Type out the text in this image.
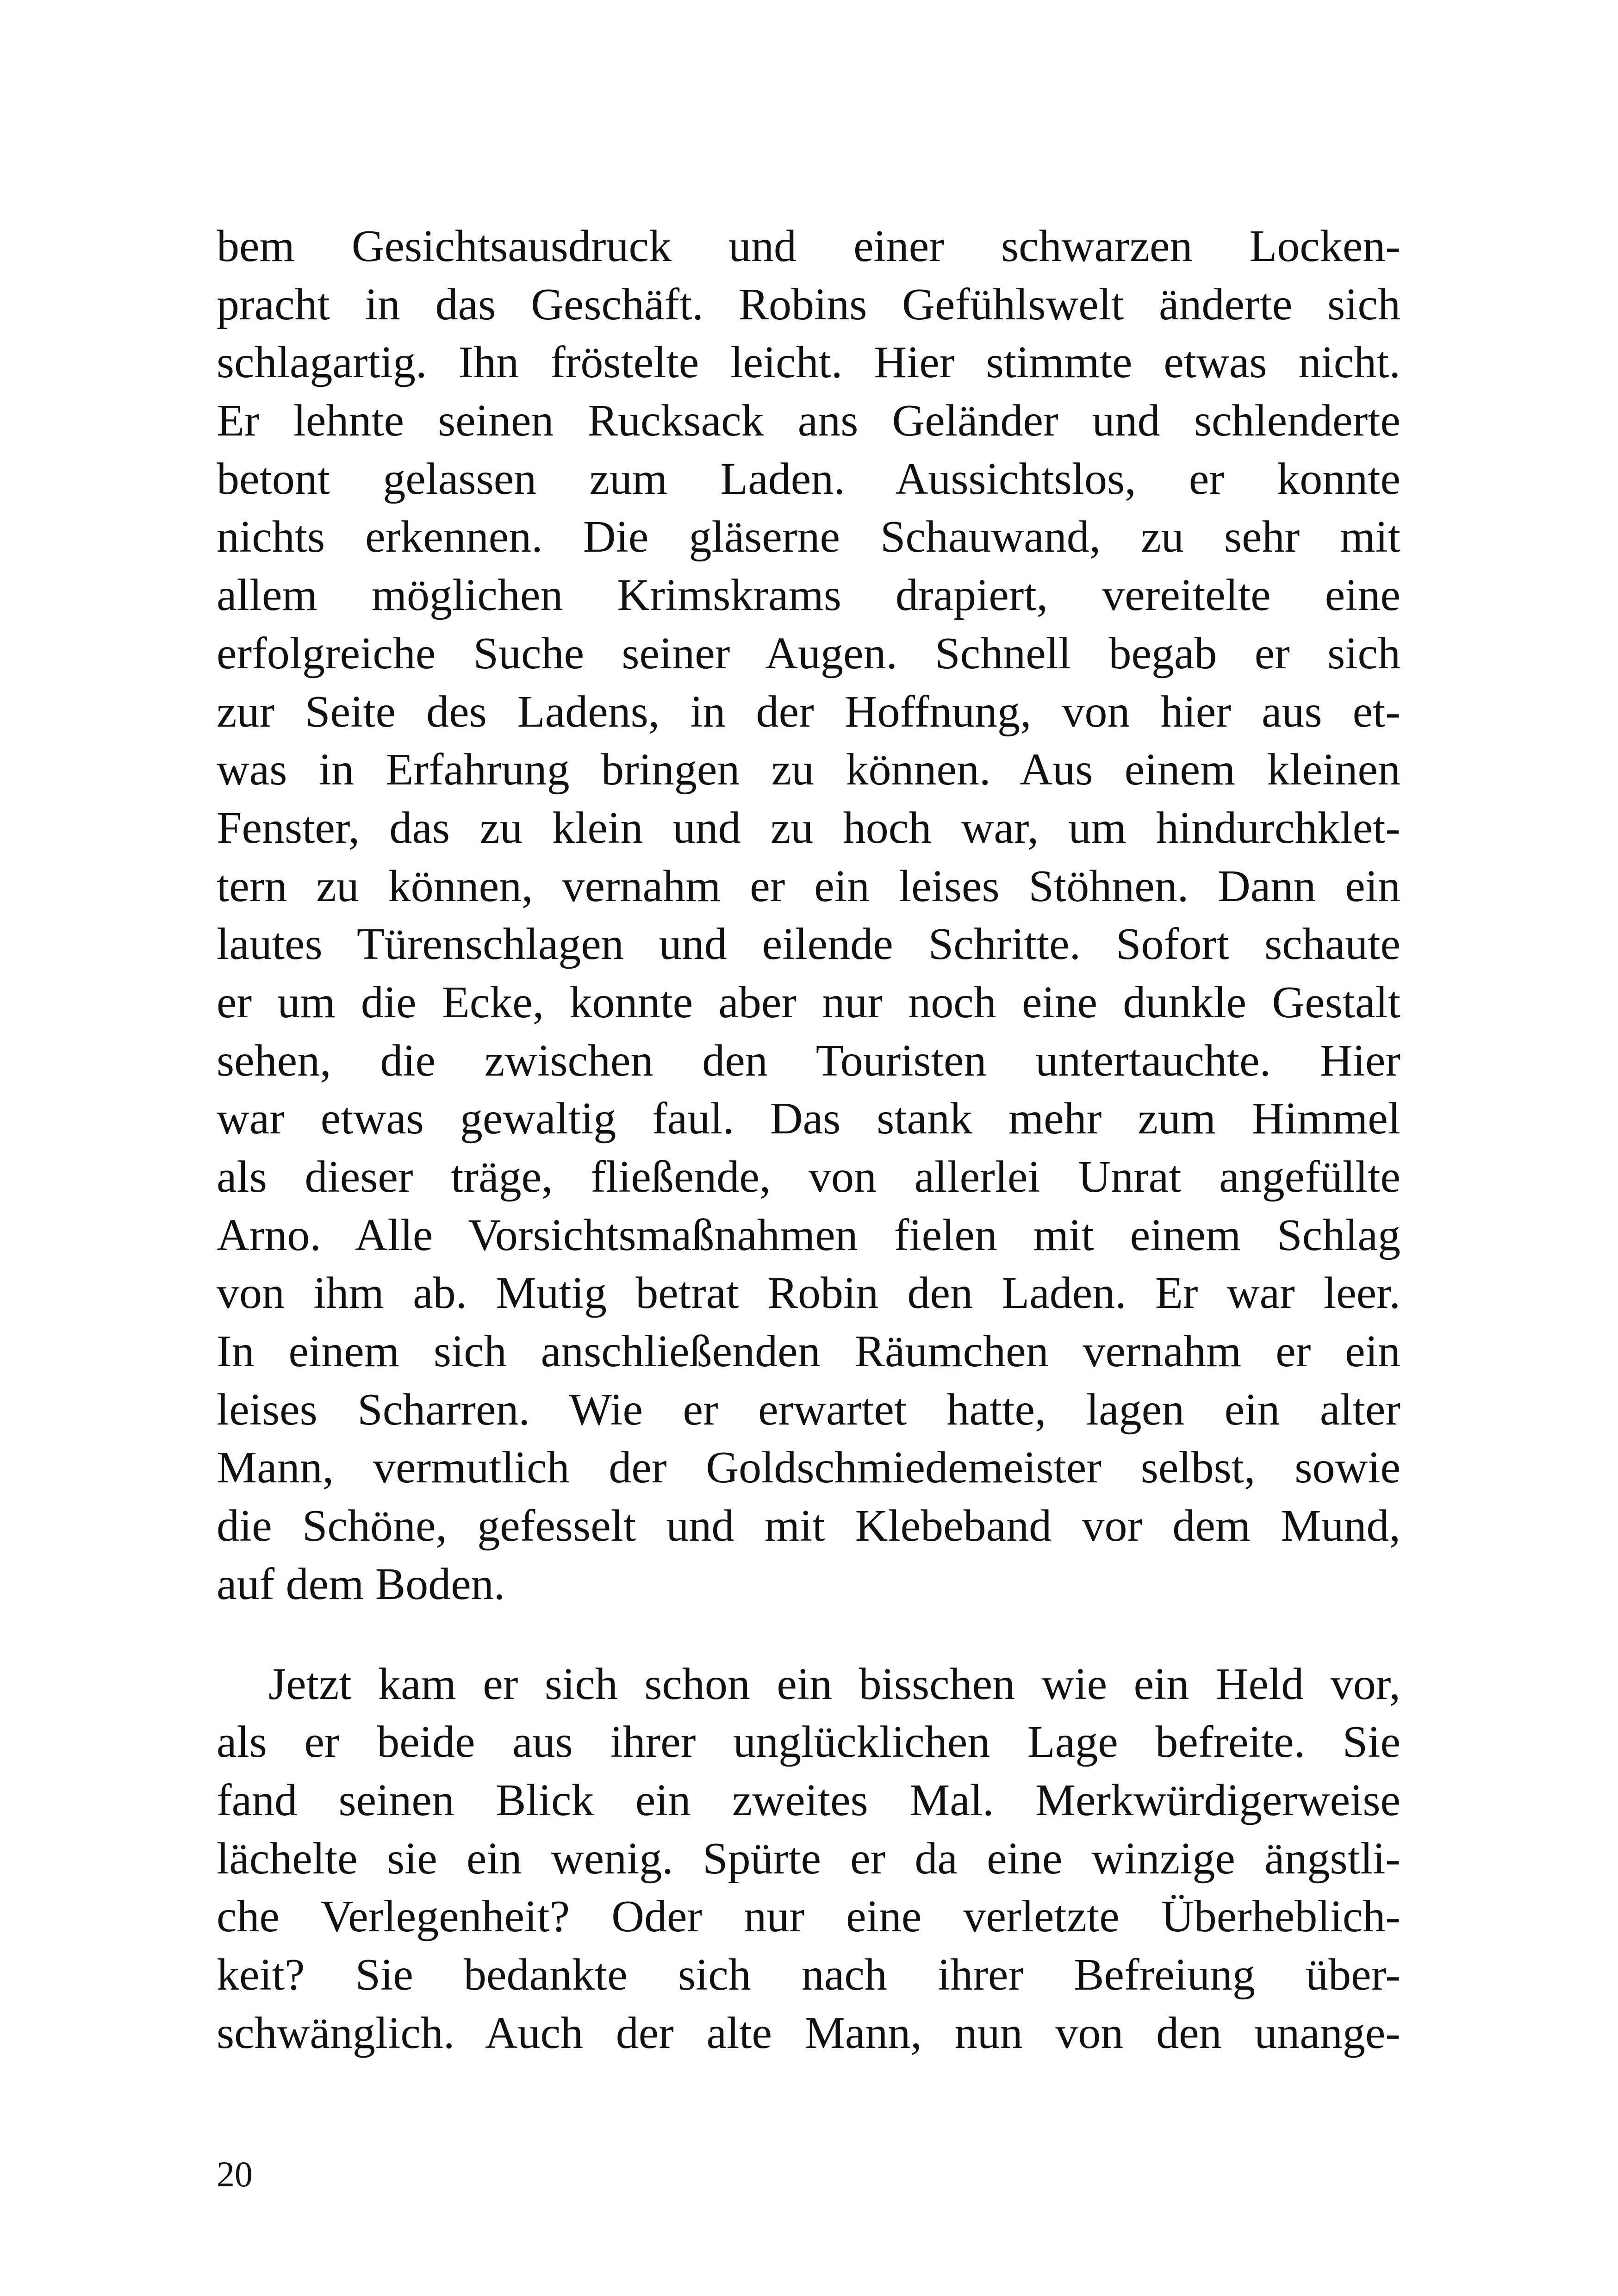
bem Gesichtsausdruck und einer schwarzen Locken-
pracht in das Geschäft. Robins Gefühlswelt änderte sich
schlagartig. Ihn fröstelte leicht. Hier stimmte etwas nicht.
Er lehnte seinen Rucksack ans Geländer und schlenderte
betont gelassen zum Laden. Aussichtslos, er konnte
nichts erkennen. Die gläserne Schauwand, zu sehr mit
allem möglichen Krimskrams drapiert, vereitelte eine
erfolgreiche Suche seiner Augen. Schnell begab er sich
zur Seite des Ladens, in der Hoffnung, von hier aus et-
was in Erfahrung bringen zu können. Aus einem kleinen
Fenster, das zu klein und zu hoch war, um hindurchklet-
tern zu können, vernahm er ein leises Stöhnen. Dann ein
lautes Türenschlagen und eilende Schritte. Sofort schaute
er um die Ecke, konnte aber nur noch eine dunkle Gestalt
sehen, die zwischen den Touristen untertauchte. Hier
war etwas gewaltig faul. Das stank mehr zum Himmel
als dieser träge, fließende, von allerlei Unrat angefüllte
Arno. Alle Vorsichtsmaßnahmen fielen mit einem Schlag
von ihm ab. Mutig betrat Robin den Laden. Er war leer.
In einem sich anschließenden Räumchen vernahm er ein
leises Scharren. Wie er erwartet hatte, lagen ein alter
Mann, vermutlich der Goldschmiedemeister selbst, sowie
die Schöne, gefesselt und mit Klebeband vor dem Mund,
auf dem Boden.
Jetzt kam er sich schon ein bisschen wie ein Held vor,
als er beide aus ihrer unglücklichen Lage befreite. Sie
fand seinen Blick ein zweites Mal. Merkwürdigerweise
lächelte sie ein wenig. Spürte er da eine winzige ängstli-
che Verlegenheit? Oder nur eine verletzte Überheblich-
keit? Sie bedankte sich nach ihrer Befreiung über-
schwänglich. Auch der alte Mann, nun von den unange-
20
